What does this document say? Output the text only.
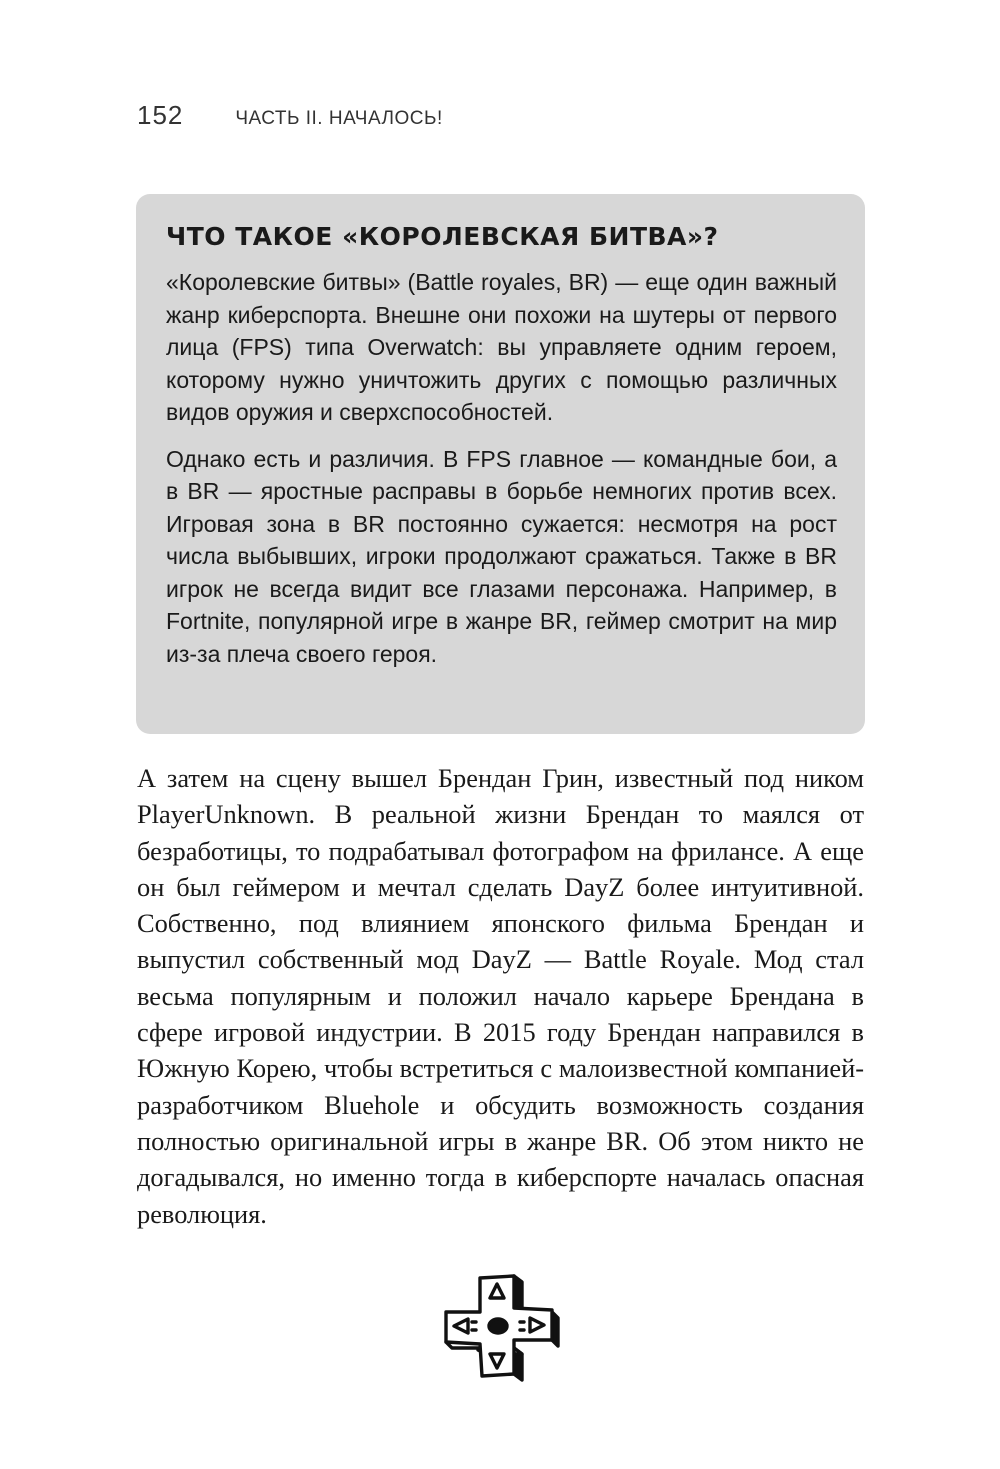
152	ЧАСТЬ II. НАЧАЛОСЬ!
ЧТО ТАКОЕ «КОРОЛЕВСКАЯ БИТВА»?

«Королевские битвы» (Battle royales, BR) — еще один важный жанр киберспорта. Внешне они похожи на шутеры от первого лица (FPS) типа Overwatch: вы управляете одним героем, которому нужно уничтожить других с помощью различных видов оружия и сверхспособностей.

Однако есть и различия. В FPS главное — командные бои, а в BR — яростные расправы в борьбе немногих против всех. Игровая зона в BR постоянно сужается: несмотря на рост числа выбывших, игроки продолжают сражаться. Также в BR игрок не всегда видит все глазами персонажа. Например, в Fortnite, популярной игре в жанре BR, геймер смотрит на мир из-за плеча своего героя.

А затем на сцену вышел Брендан Грин, известный под ником PlayerUnknown. В реальной жизни Брендан то маялся от безработицы, то подрабатывал фотографом на фрилансе. А еще он был геймером и мечтал сделать DayZ более интуитивной. Собственно, под влиянием японского фильма Брендан и выпустил собственный мод DayZ — Battle Royale. Мод стал весьма популярным и положил начало карьере Брендана в сфере игровой индустрии. В 2015 году Брендан направился в Южную Корею, чтобы встретиться с малоизвестной компанией-разработчиком Bluehole и обсудить возможность создания полностью оригинальной игры в жанре BR. Об этом никто не догадывался, но именно тогда в киберспорте началась опасная революция.
